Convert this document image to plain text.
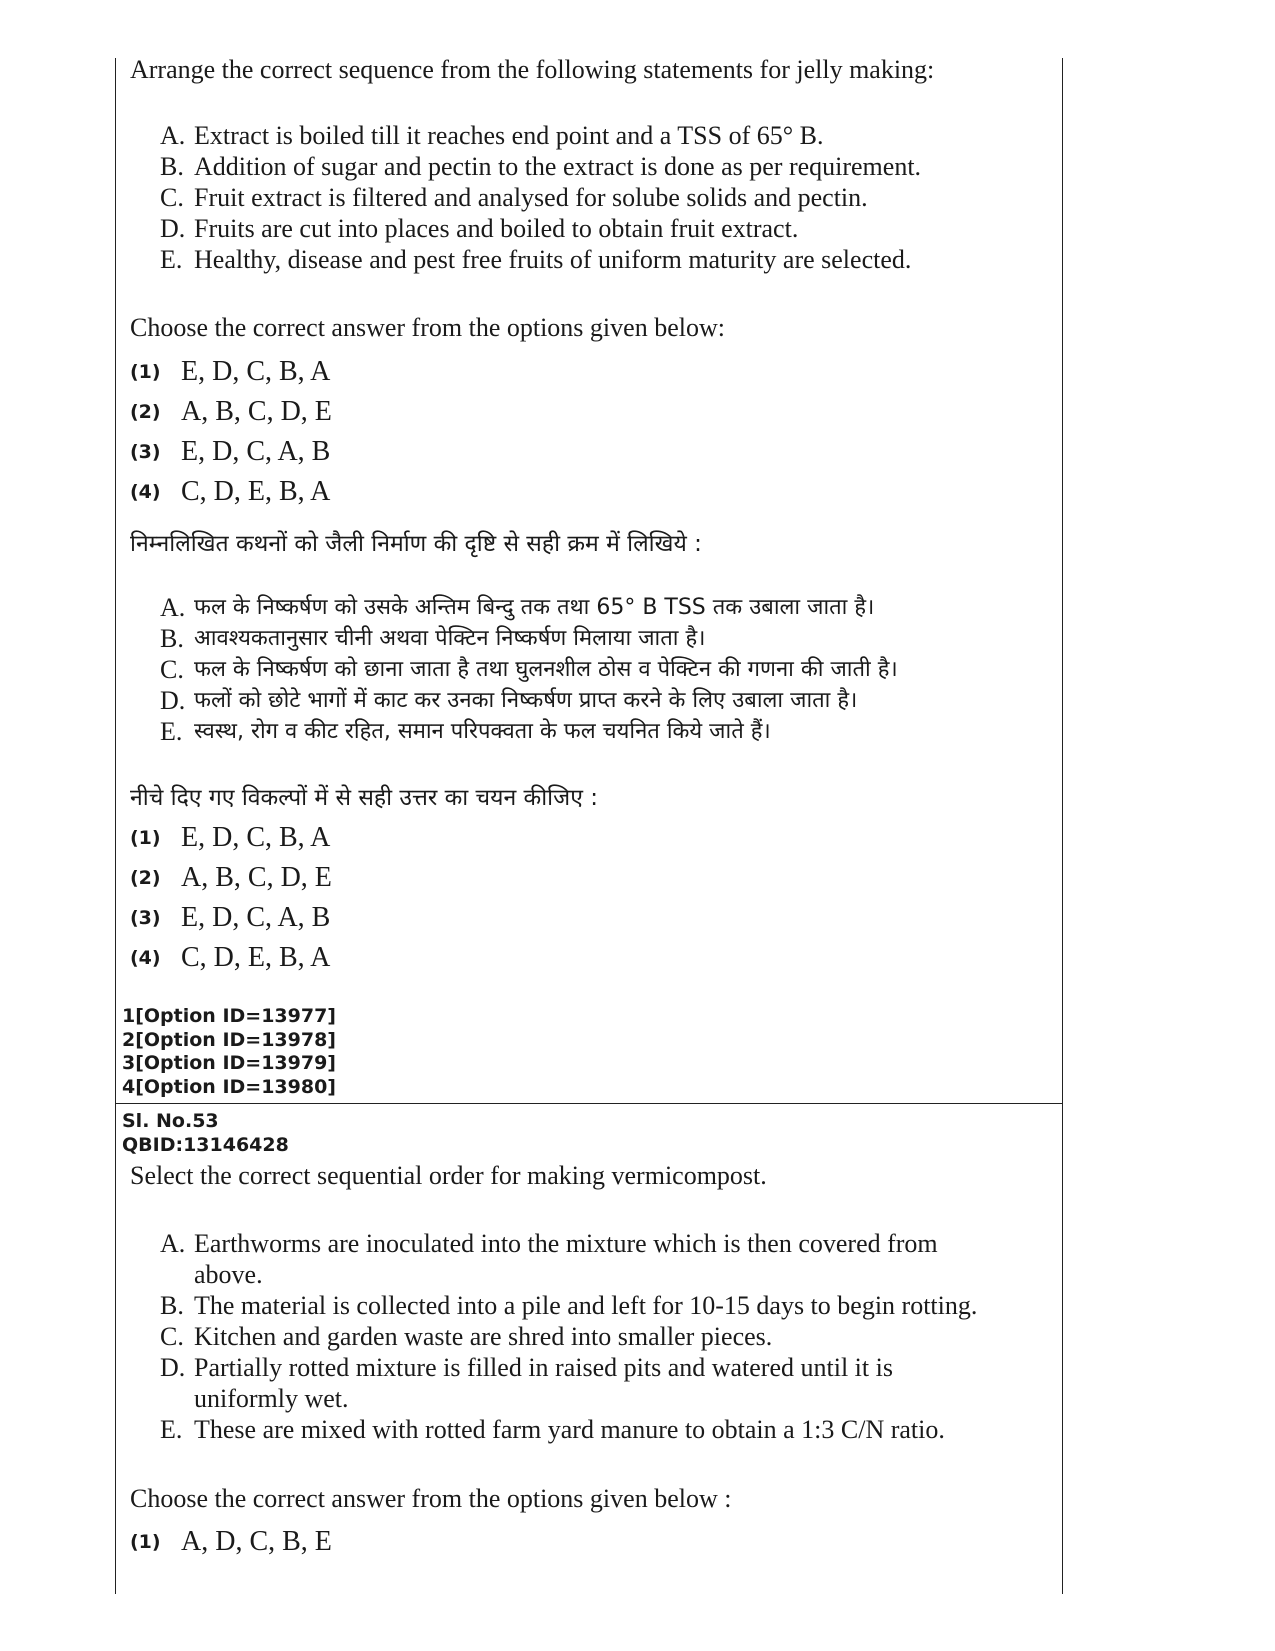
Arrange the correct sequence from the following statements for jelly making:

A. Extract is boiled till it reaches end point and a TSS of 65° B.
B. Addition of sugar and pectin to the extract is done as per requirement.
C. Fruit extract is filtered and analysed for solube solids and pectin.
D. Fruits are cut into places and boiled to obtain fruit extract.
E. Healthy, disease and pest free fruits of uniform maturity are selected.

Choose the correct answer from the options given below:

(1) E, D, C, B, A
(2) A, B, C, D, E
(3) E, D, C, A, B
(4) C, D, E, B, A

निम्नलिखित कथनों को जैली निर्माण की दृष्टि से सही क्रम में लिखिये :

A. फल के निष्कर्षण को उसके अन्तिम बिन्दु तक तथा 65° B TSS तक उबाला जाता है।
B. आवश्यकतानुसार चीनी अथवा पेक्टिन निष्कर्षण मिलाया जाता है।
C. फल के निष्कर्षण को छाना जाता है तथा घुलनशील ठोस व पेक्टिन की गणना की जाती है।
D. फलों को छोटे भागों में काट कर उनका निष्कर्षण प्राप्त करने के लिए उबाला जाता है।
E. स्वस्थ, रोग व कीट रहित, समान परिपक्वता के फल चयनित किये जाते हैं।

नीचे दिए गए विकल्पों में से सही उत्तर का चयन कीजिए :

(1) E, D, C, B, A
(2) A, B, C, D, E
(3) E, D, C, A, B
(4) C, D, E, B, A
1[Option ID=13977]
2[Option ID=13978]
3[Option ID=13979]
4[Option ID=13980]
Sl. No.53
QBID:13146428

Select the correct sequential order for making vermicompost.

A. Earthworms are inoculated into the mixture which is then covered from above.
B. The material is collected into a pile and left for 10-15 days to begin rotting.
C. Kitchen and garden waste are shred into smaller pieces.
D. Partially rotted mixture is filled in raised pits and watered until it is uniformly wet.
E. These are mixed with rotted farm yard manure to obtain a 1:3 C/N ratio.

Choose the correct answer from the options given below :

(1) A, D, C, B, E
